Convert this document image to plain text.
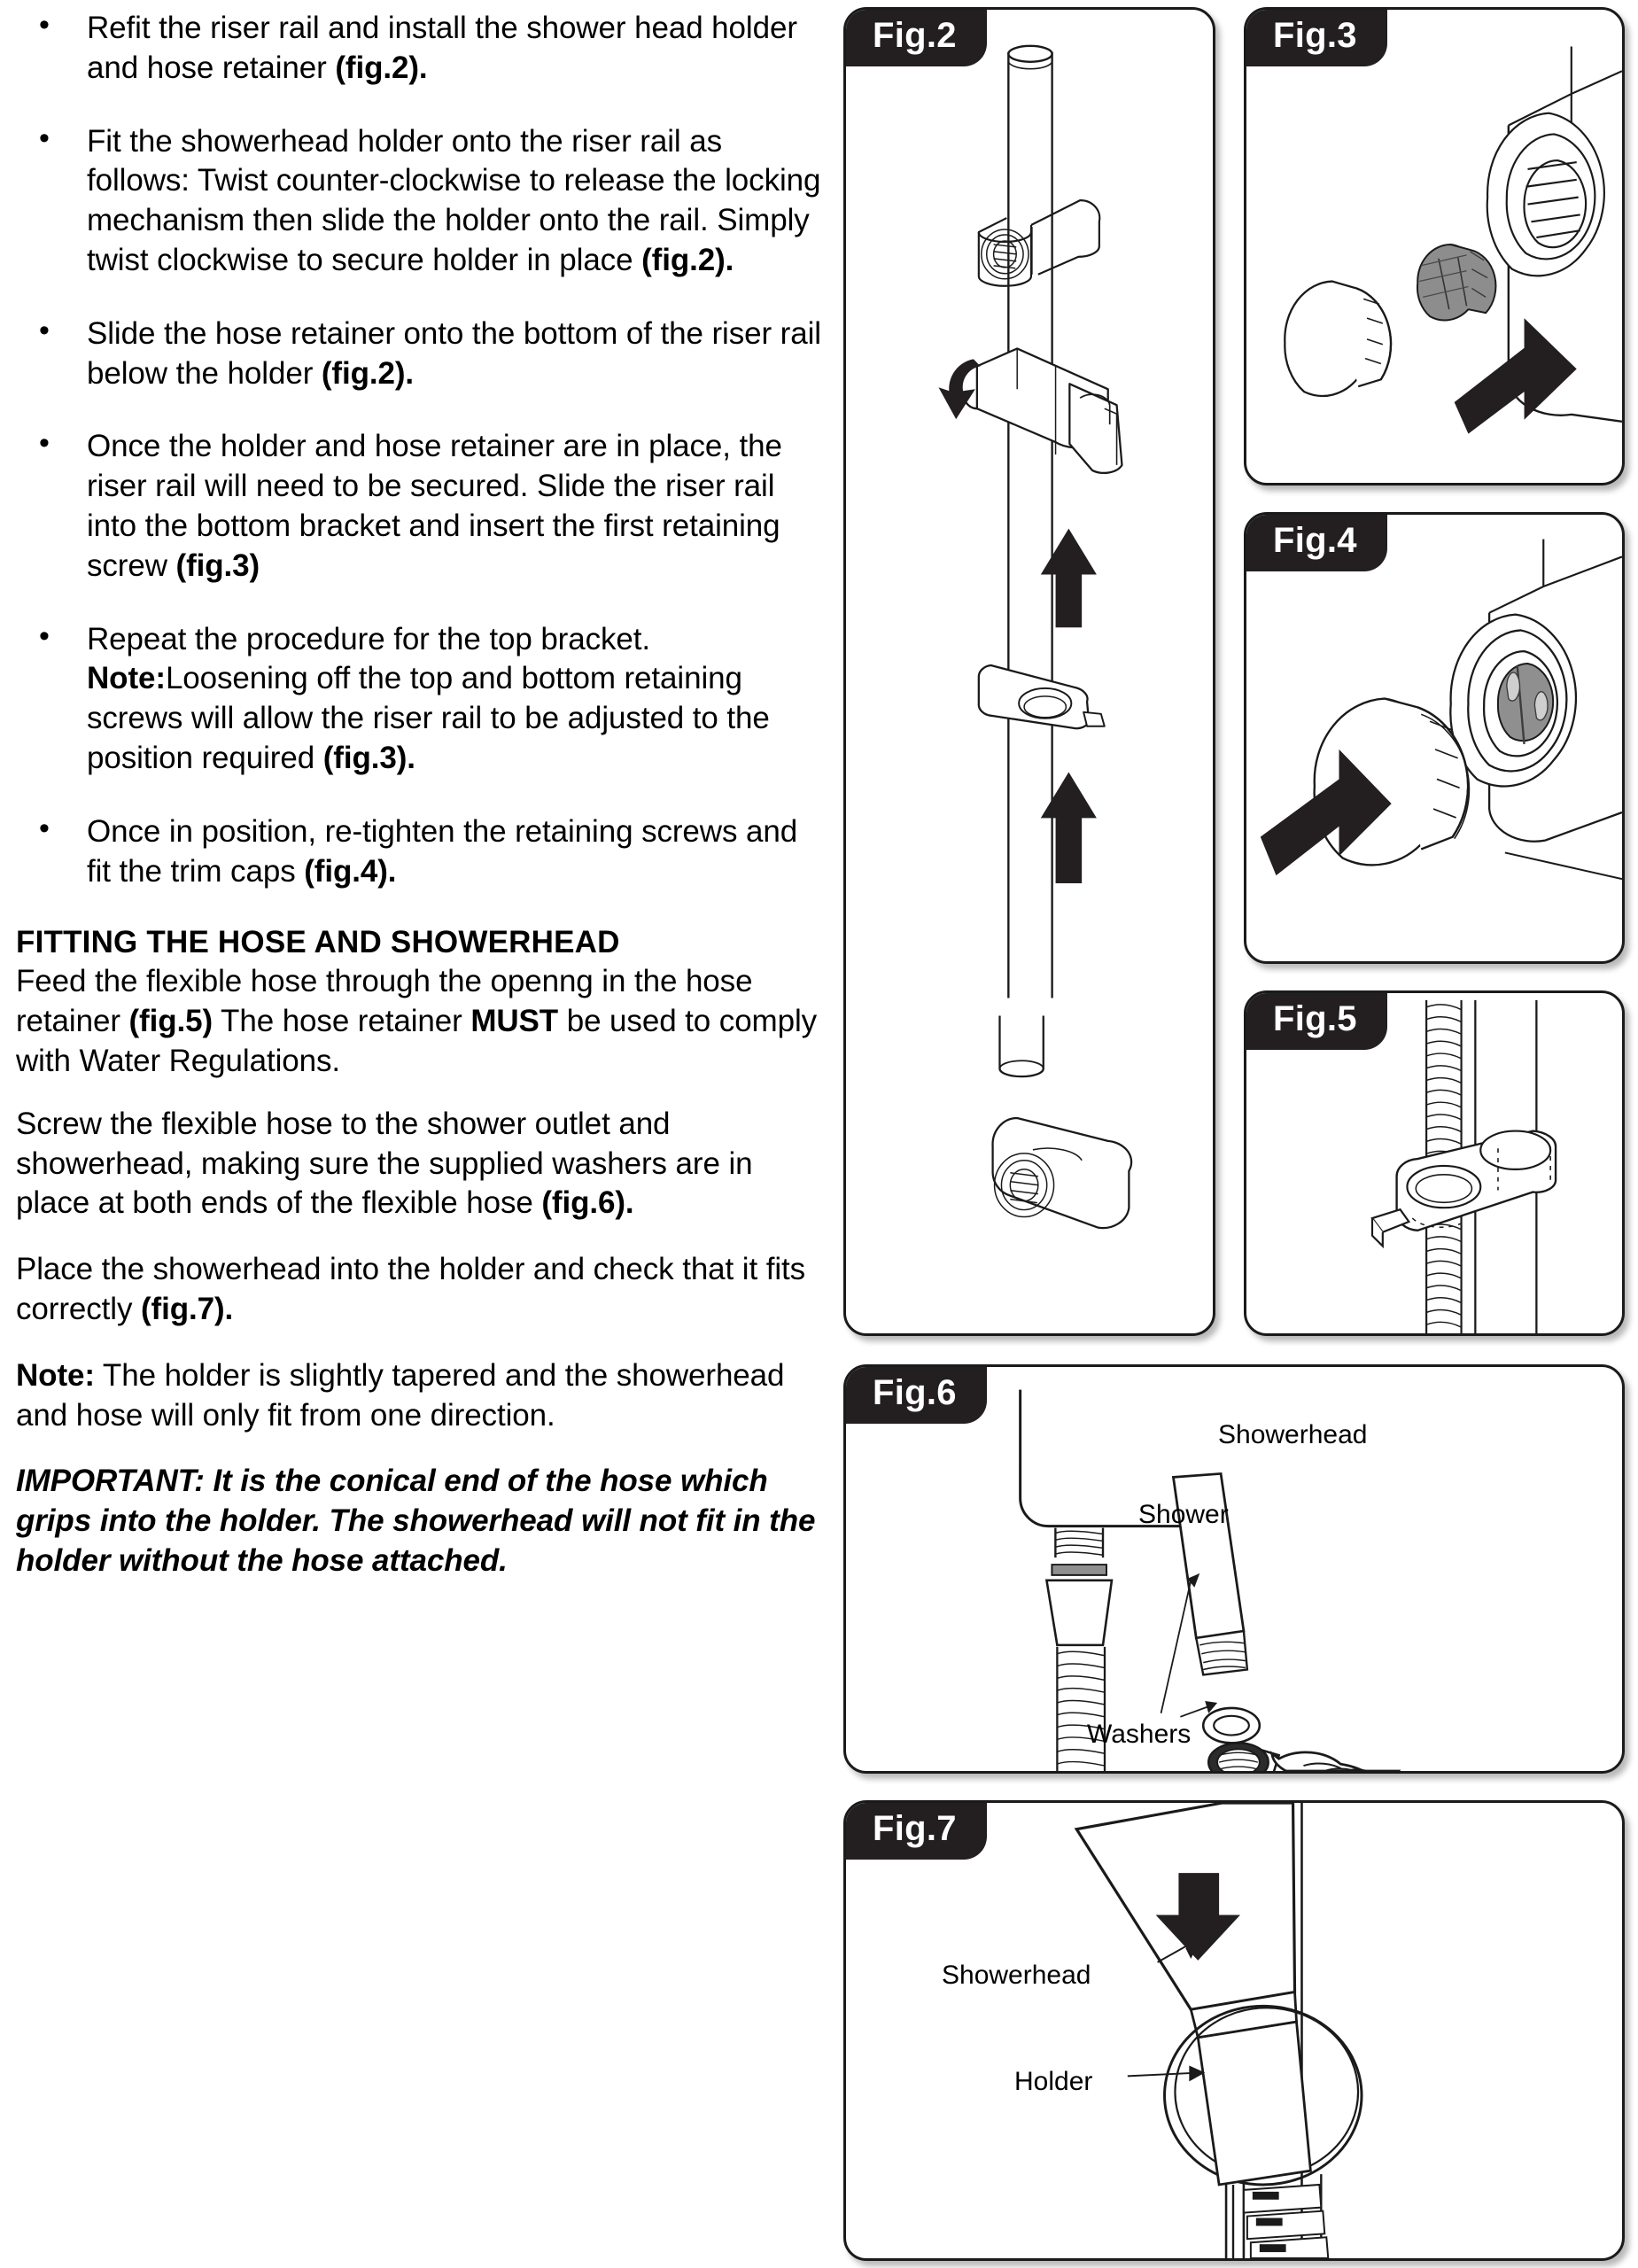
• Refit the riser rail and install the shower head holder and hose retainer (fig.2).
• Fit the showerhead holder onto the riser rail as follows: Twist counter-clockwise to release the locking mechanism then slide the holder onto the rail. Simply twist clockwise to secure holder in place (fig.2).
• Slide the hose retainer onto the bottom of the riser rail below the holder (fig.2).
• Once the holder and hose retainer are in place, the riser rail will need to be secured. Slide the riser rail into the bottom bracket and insert the first retaining screw (fig.3)
• Repeat the procedure for the top bracket. Note:Loosening off the top and bottom retaining screws will allow the riser rail to be adjusted to the position required (fig.3).
• Once in position, re-tighten the retaining screws and fit the trim caps (fig.4).
FITTING THE HOSE AND SHOWERHEAD

Feed the flexible hose through the openng in the hose retainer (fig.5) The hose retainer MUST be used to comply with Water Regulations.

Screw the flexible hose to the shower outlet and showerhead, making sure the supplied washers are in place at both ends of the flexible hose (fig.6).

Place the showerhead into the holder and check that it fits correctly (fig.7).

Note: The holder is slightly tapered and the showerhead and hose will only fit from one direction.

IMPORTANT: It is the conical end of the hose which grips into the holder. The showerhead will not fit in the holder without the hose attached.

Fig.2	Fig.3
Fig.4
Fig.5
Fig.6
Shower
Showerhead
Washers
Fig.7
Showerhead
Holder
